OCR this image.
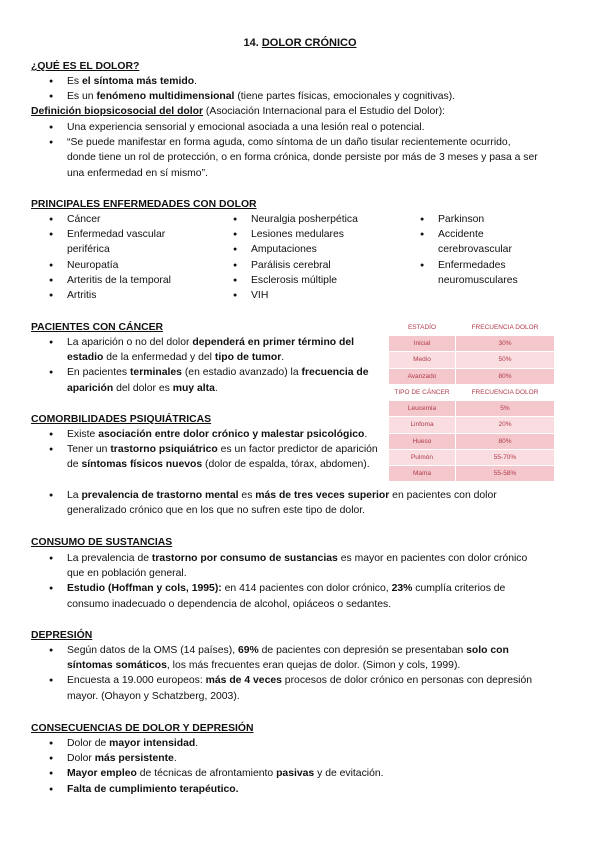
14. DOLOR CRÓNICO
¿QUÉ ES EL DOLOR?
● Es el síntoma más temido.
● Es un fenómeno multidimensional (tiene partes físicas, emocionales y cognitivas).
Definición biopsicosocial del dolor (Asociación Internacional para el Estudio del Dolor):
● Una experiencia sensorial y emocional asociada a una lesión real o potencial.
● “Se puede manifestar en forma aguda, como síntoma de un daño tisular recientemente ocurrido, donde tiene un rol de protección, o en forma crónica, donde persiste por más de 3 meses y pasa a ser una enfermedad en sí mismo”.
PRINCIPALES ENFERMEDADES CON DOLOR
● Cáncer
● Enfermedad vascular periférica
● Neuropatía
● Arteritis de la temporal
● Artritis
● Neuralgia posherpética
● Lesiones medulares
● Amputaciones
● Parálisis cerebral
● Esclerosis múltiple
● VIH
● Parkinson
● Accidente cerebrovascular
● Enfermedades neuromusculares
PACIENTES CON CÁNCER
● La aparición o no del dolor dependerá en primer término del estadio de la enfermedad y del tipo de tumor.
● En pacientes terminales (en estadio avanzado) la frecuencia de aparición del dolor es muy alta.
ESTADÍO	FRECUENCIA DOLOR
Inicial	30%
Medio	50%
Avanzado	80%
TIPO DE CÁNCER	FRECUENCIA DOLOR
Leucemia	5%
Linfoma	20%
Hueso	80%
Pulmón	55-70%
Mama	55-58%
COMORBILIDADES PSIQUIÁTRICAS
● Existe asociación entre dolor crónico y malestar psicológico.
● Tener un trastorno psiquiátrico es un factor predictor de aparición de síntomas físicos nuevos (dolor de espalda, tórax, abdomen).
● La prevalencia de trastorno mental es más de tres veces superior en pacientes con dolor generalizado crónico que en los que no sufren este tipo de dolor.
CONSUMO DE SUSTANCIAS
● La prevalencia de trastorno por consumo de sustancias es mayor en pacientes con dolor crónico que en población general.
● Estudio (Hoffman y cols, 1995): en 414 pacientes con dolor crónico, 23% cumplía criterios de consumo inadecuado o dependencia de alcohol, opiáceos o sedantes.
DEPRESIÓN
● Según datos de la OMS (14 países), 69% de pacientes con depresión se presentaban solo con síntomas somáticos, los más frecuentes eran quejas de dolor. (Simon y cols, 1999).
● Encuesta a 19.000 europeos: más de 4 veces procesos de dolor crónico en personas con depresión mayor. (Ohayon y Schatzberg, 2003).
CONSECUENCIAS DE DOLOR Y DEPRESIÓN
● Dolor de mayor intensidad.
● Dolor más persistente.
● Mayor empleo de técnicas de afrontamiento pasivas y de evitación.
● Falta de cumplimiento terapéutico.
